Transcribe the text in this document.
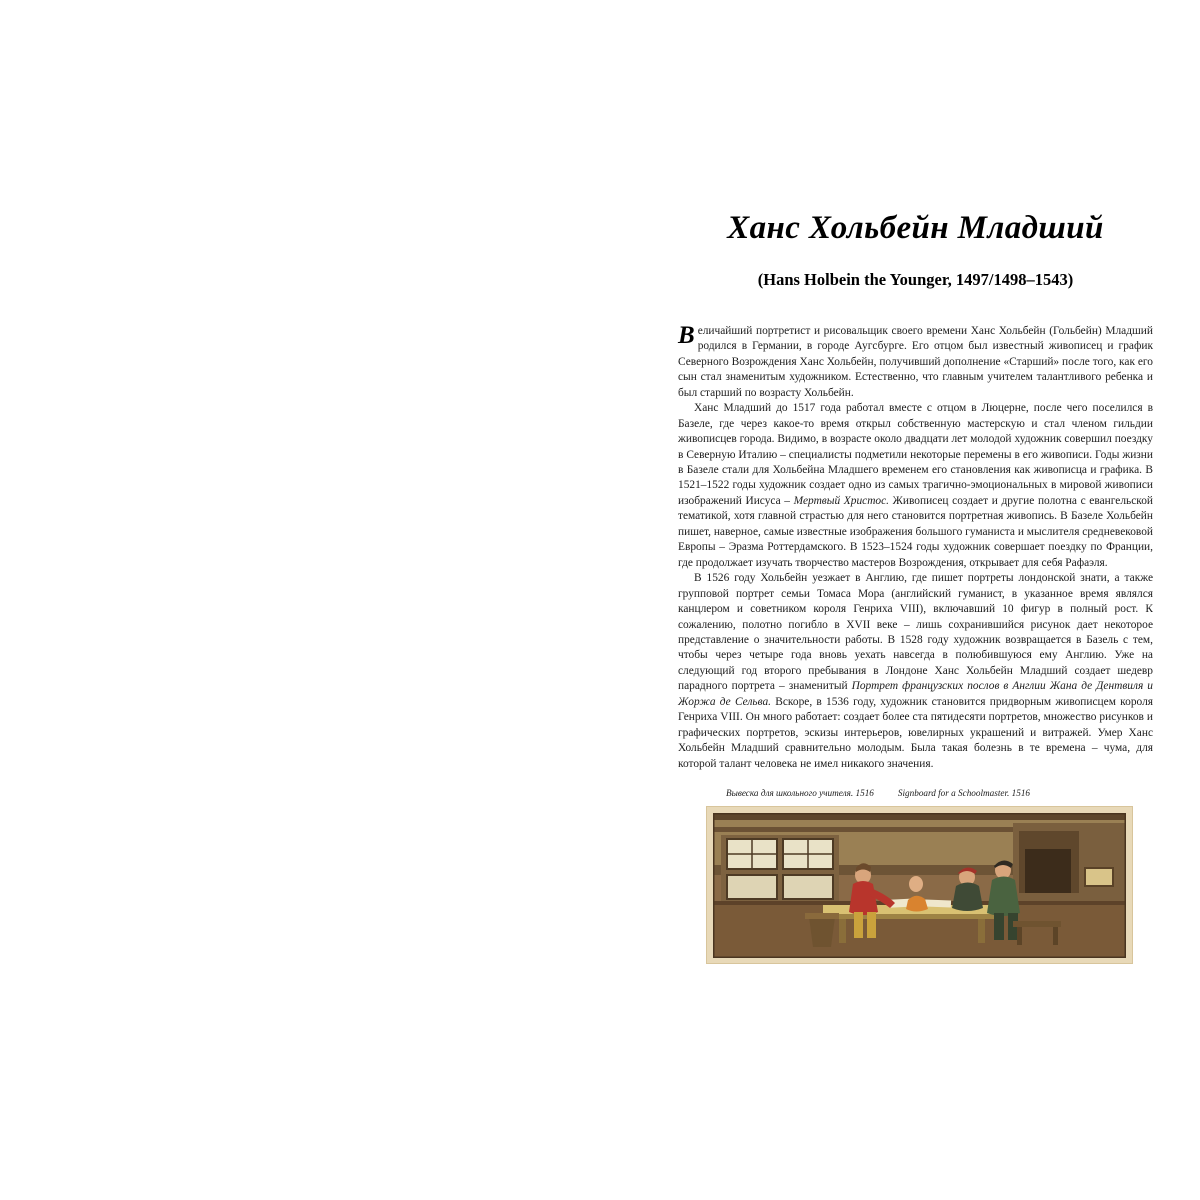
Ханс Хольбейн Младший
(Hans Holbein the Younger, 1497/1498–1543)

Величайший портретист и рисовальщик своего времени Ханс Хольбейн (Гольбейн) Младший родился в Германии, в городе Аугсбурге. Его отцом был известный живописец и график Северного Возрождения Ханс Хольбейн, получивший дополнение «Старший» после того, как его сын стал знаменитым художником. Естественно, что главным учителем талантливого ребенка и был старший по возрасту Хольбейн.

Ханс Младший до 1517 года работал вместе с отцом в Люцерне, после чего поселился в Базеле, где через какое-то время открыл собственную мастерскую и стал членом гильдии живописцев города. Видимо, в возрасте около двадцати лет молодой художник совершил поездку в Северную Италию – специалисты подметили некоторые перемены в его живописи. Годы жизни в Базеле стали для Хольбейна Младшего временем его становления как живописца и графика. В 1521–1522 годы художник создает одно из самых трагично-эмоциональных в мировой живописи изображений Иисуса – Мертвый Христос. Живописец создает и другие полотна с евангельской тематикой, хотя главной страстью для него становится портретная живопись. В Базеле Хольбейн пишет, наверное, самые известные изображения большого гуманиста и мыслителя средневековой Европы – Эразма Роттердамского. В 1523–1524 годы художник совершает поездку по Франции, где продолжает изучать творчество мастеров Возрождения, открывает для себя Рафаэля.

В 1526 году Хольбейн уезжает в Англию, где пишет портреты лондонской знати, а также групповой портрет семьи Томаса Мора (английский гуманист, в указанное время являлся канцлером и советником короля Генриха VIII), включавший 10 фигур в полный рост. К сожалению, полотно погибло в XVII веке – лишь сохранившийся рисунок дает некоторое представление о значительности работы. В 1528 году художник возвращается в Базель с тем, чтобы через четыре года вновь уехать навсегда в полюбившуюся ему Англию. Уже на следующий год второго пребывания в Лондоне Ханс Хольбейн Младший создает шедевр парадного портрета – знаменитый Портрет французских послов в Англии Жана де Дентвиля и Жоржа де Сельва. Вскоре, в 1536 году, художник становится придворным живописцем короля Генриха VIII. Он много работает: создает более ста пятидесяти портретов, множество рисунков и графических портретов, эскизы интерьеров, ювелирных украшений и витражей. Умер Ханс Хольбейн Младший сравнительно молодым. Была такая болезнь в те времена – чума, для которой талант человека не имел никакого значения.

Вывеска для школьного учителя. 1516	Signboard for a Schoolmaster. 1516
